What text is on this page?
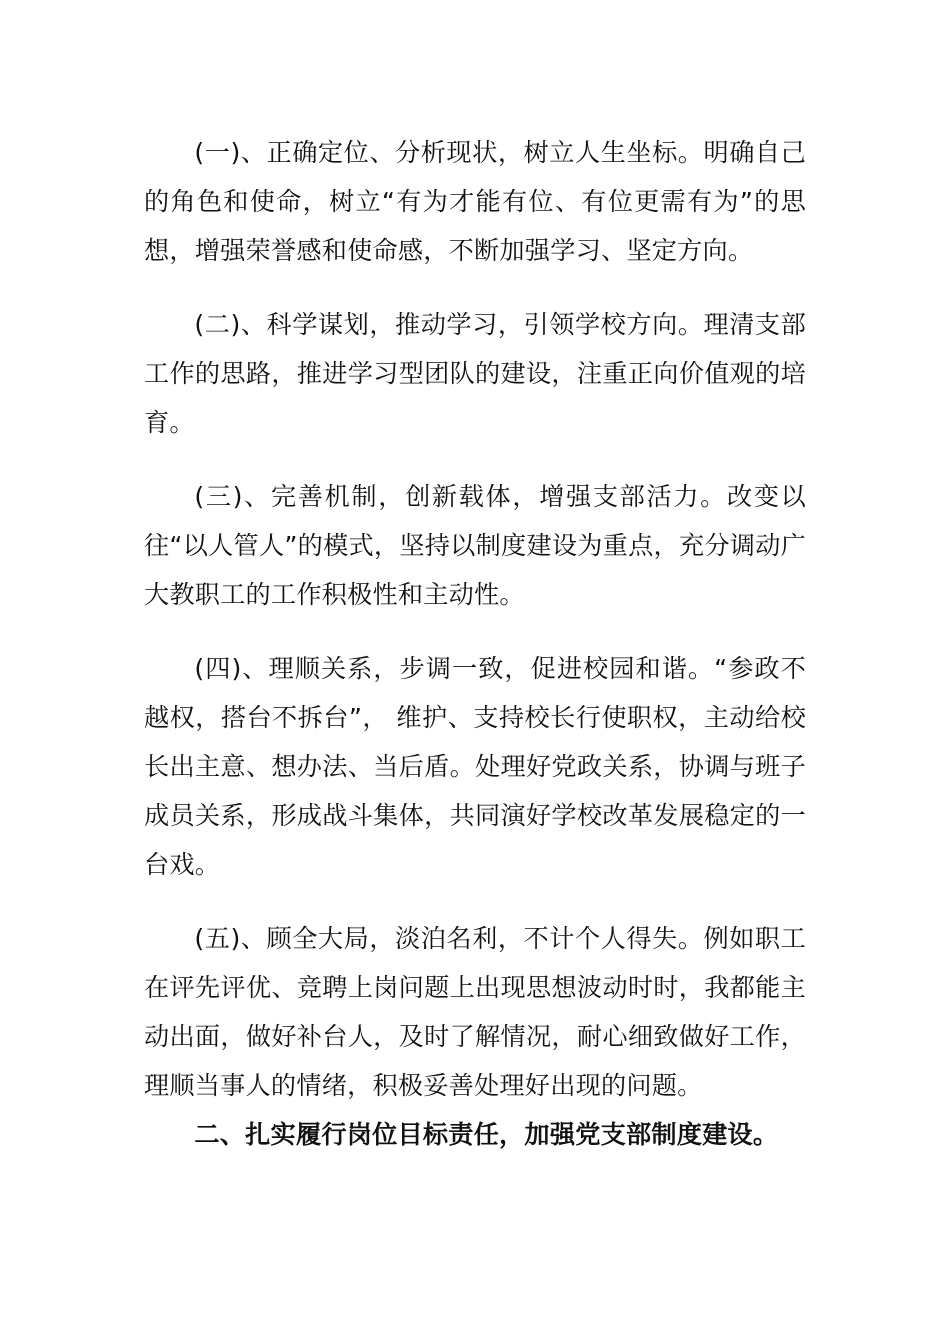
(一)、正确定位、分析现状，树立人生坐标。明确自己的角色和使命，树立“有为才能有位、有位更需有为”的思想，增强荣誉感和使命感，不断加强学习、坚定方向。

(二)、科学谋划，推动学习，引领学校方向。理清支部工作的思路，推进学习型团队的建设，注重正向价值观的培育。

(三)、完善机制，创新载体，增强支部活力。改变以往“以人管人”的模式，坚持以制度建设为重点，充分调动广大教职工的工作积极性和主动性。

(四)、理顺关系，步调一致，促进校园和谐。“参政不越权，搭台不拆台”， 维护、支持校长行使职权，主动给校长出主意、想办法、当后盾。处理好党政关系，协调与班子成员关系，形成战斗集体，共同演好学校改革发展稳定的一台戏。

(五)、顾全大局，淡泊名利，不计个人得失。例如职工在评先评优、竞聘上岗问题上出现思想波动时时，我都能主动出面，做好补台人，及时了解情况，耐心细致做好工作，理顺当事人的情绪，积极妥善处理好出现的问题。

二、扎实履行岗位目标责任，加强党支部制度建设。
